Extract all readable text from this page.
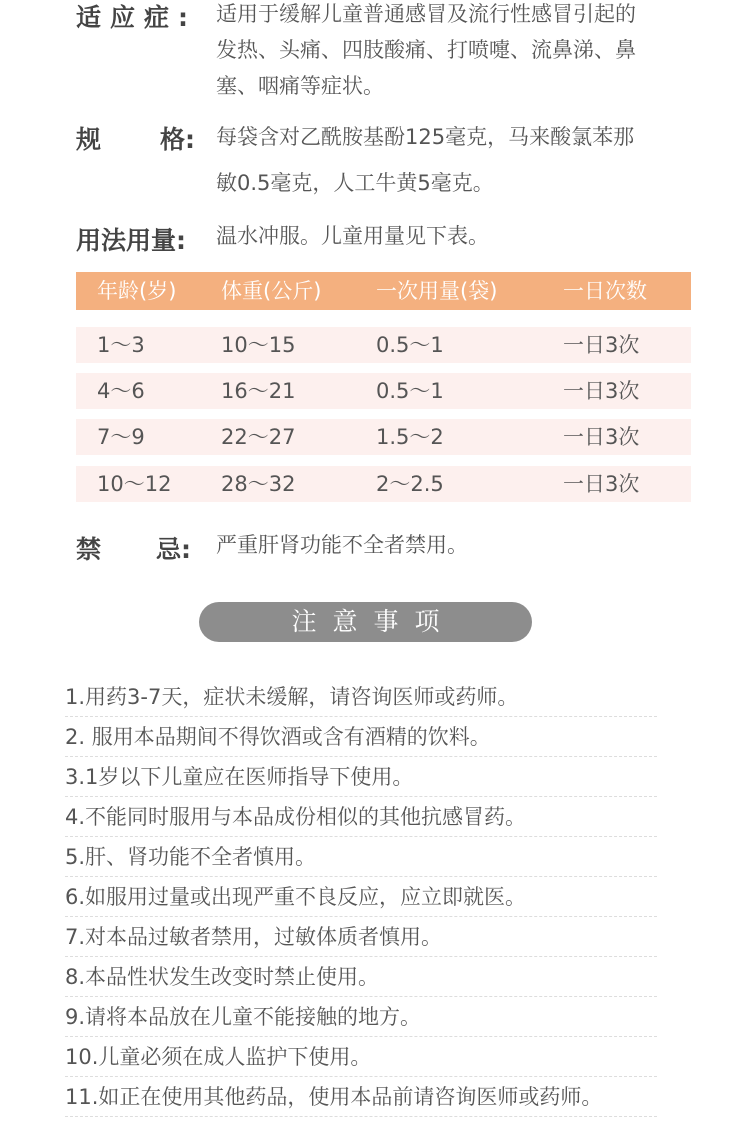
适应症: 适用于缓解儿童普通感冒及流行性感冒引起的
发热、头痛、四肢酸痛、打喷嚏、流鼻涕、鼻
塞、咽痛等症状。
规 格: 每袋含对乙酰胺基酚125毫克，马来酸氯苯那
敏0.5毫克，人工牛黄5毫克。
用法用量: 温水冲服。儿童用量见下表。
年龄(岁) 体重(公斤)	一次用量(袋)	一日次数
1～3	10～15	0.5～1	一日3次
4～6	16～21	0.5～1	一日3次
7～9	22～27	1.5～2	一日3次
10～12 28～32	2～2.5	一日3次
禁 忌: 严重肝肾功能不全者禁用。
注意事项
1.用药3-7天，症状未缓解，请咨询医师或药师。
2. 服用本品期间不得饮酒或含有酒精的饮料。
3.1岁以下儿童应在医师指导下使用。
4.不能同时服用与本品成份相似的其他抗感冒药。
5.肝、肾功能不全者慎用。
6.如服用过量或出现严重不良反应，应立即就医。
7.对本品过敏者禁用，过敏体质者慎用。
8.本品性状发生改变时禁止使用。
9.请将本品放在儿童不能接触的地方。
10.儿童必须在成人监护下使用。
11.如正在使用其他药品，使用本品前请咨询医师或药师。
